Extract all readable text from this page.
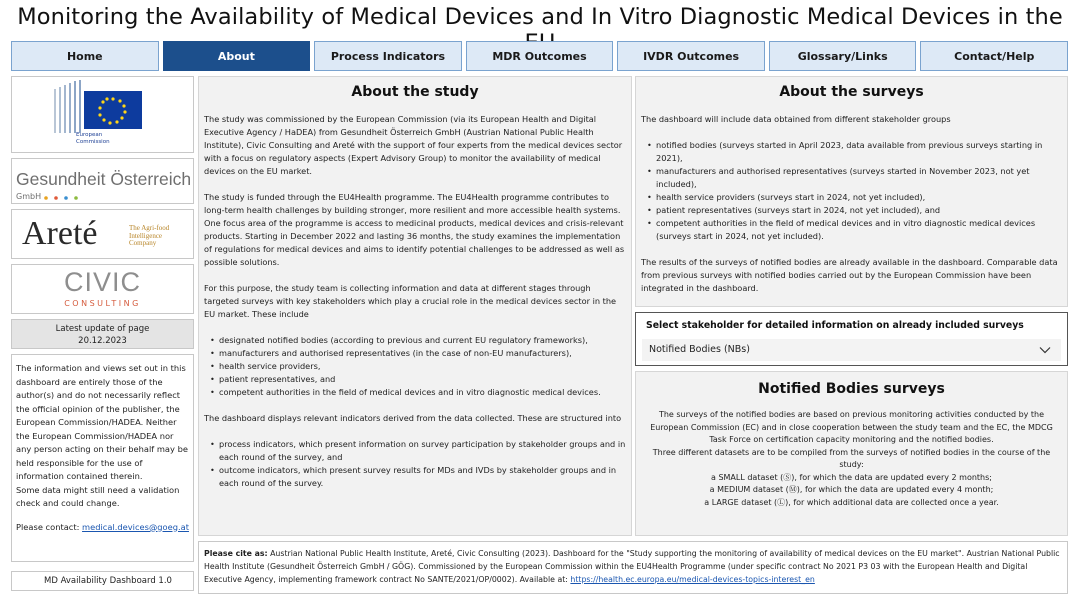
Monitoring the Availability of Medical Devices and In Vitro Diagnostic Medical Devices in the
Home	About	Process Indicators	MDR Outcomes	IVDR Outcomes	Glossary/Links	Contact/Help
European
Commission
Gesundheit Österreich
GmbH
Areté	The Agri-food
Intelligence
Company
CIVIC
CONSULTING
Latest update of page
20.12.2023

The information and views set out in this dashboard are entirely those of the author(s) and do not necessarily reflect the official opinion of the publisher, the European Commission/HADEA. Neither the European Commission/HADEA nor any person acting on their behalf may be held responsible for the use of information contained therein.

Some data might still need a validation check and could change.

Please contact: medical.devices@goeg.at

MD Availability Dashboard 1.0
About the study

The study was commissioned by the European Commission (via its European Health and Digital Executive Agency / HaDEA) from Gesundheit Österreich GmbH (Austrian National Public Health Institute), Civic Consulting and Areté with the support of four experts from the medical devices sector with a focus on regulatory aspects (Expert Advisory Group) to monitor the availability of medical devices on the EU market.

The study is funded through the EU4Health programme. The EU4Health programme contributes to long-term health challenges by building stronger, more resilient and more accessible health systems. One focus area of the programme is access to medicinal products, medical devices and crisis-relevant products. Starting in December 2022 and lasting 36 months, the study examines the implementation of regulations for medical devices and aims to identify potential challenges to be addressed as well as possible solutions.

For this purpose, the study team is collecting information and data at different stages through targeted surveys with key stakeholders which play a crucial role in the medical devices sector in the EU market. These include

• designated notified bodies (according to previous and current EU regulatory frameworks),
• manufacturers and authorised representatives (in the case of non-EU manufacturers),
• health service providers,
• patient representatives, and
• competent authorities in the field of medical devices and in vitro diagnostic medical devices.

The dashboard displays relevant indicators derived from the data collected. These are structured into

• process indicators, which present information on survey participation by stakeholder groups and in each round of the survey, and
• outcome indicators, which present survey results for MDs and IVDs by stakeholder groups and in each round of the survey.
About the surveys

The dashboard will include data obtained from different stakeholder groups

• notified bodies (surveys started in April 2023, data available from previous surveys starting in 2021),
• manufacturers and authorised representatives (surveys started in November 2023, not yet included),
• health service providers (surveys start in 2024, not yet included),
• patient representatives (surveys start in 2024, not yet included), and
• competent authorities in the field of medical devices and in vitro diagnostic medical devices (surveys start in 2024, not yet included).

The results of the surveys of notified bodies are already available in the dashboard. Comparable data from previous surveys with notified bodies carried out by the European Commission have been integrated in the dashboard.

Select stakeholder for detailed information on already included surveys
Notified Bodies (NBs)
Notified Bodies surveys

The surveys of the notified bodies are based on previous monitoring activities conducted by the European Commission (EC) and in close cooperation between the study team and the EC, the MDCG Task Force on certification capacity monitoring and the notified bodies.

Three different datasets are to be compiled from the surveys of notified bodies in the course of the study:

a SMALL dataset (Ⓢ), for which the data are updated every 2 months;

a MEDIUM dataset (Ⓜ), for which the data are updated every 4 month;

a LARGE dataset (Ⓛ), for which additional data are collected once a year.

Please cite as: Austrian National Public Health Institute, Areté, Civic Consulting (2023). Dashboard for the "Study supporting the monitoring of availability of medical devices on the EU market". Austrian National Public Health Institute (Gesundheit Österreich GmbH / GÖG). Commissioned by the European Commission within the EU4Health Programme (under specific contract No 2021 P3 03 with the European Health and Digital Executive Agency, implementing framework contract No SANTE/2021/OP/0002). Available at: https://health.ec.europa.eu/medical-devices-topics-interest_en
